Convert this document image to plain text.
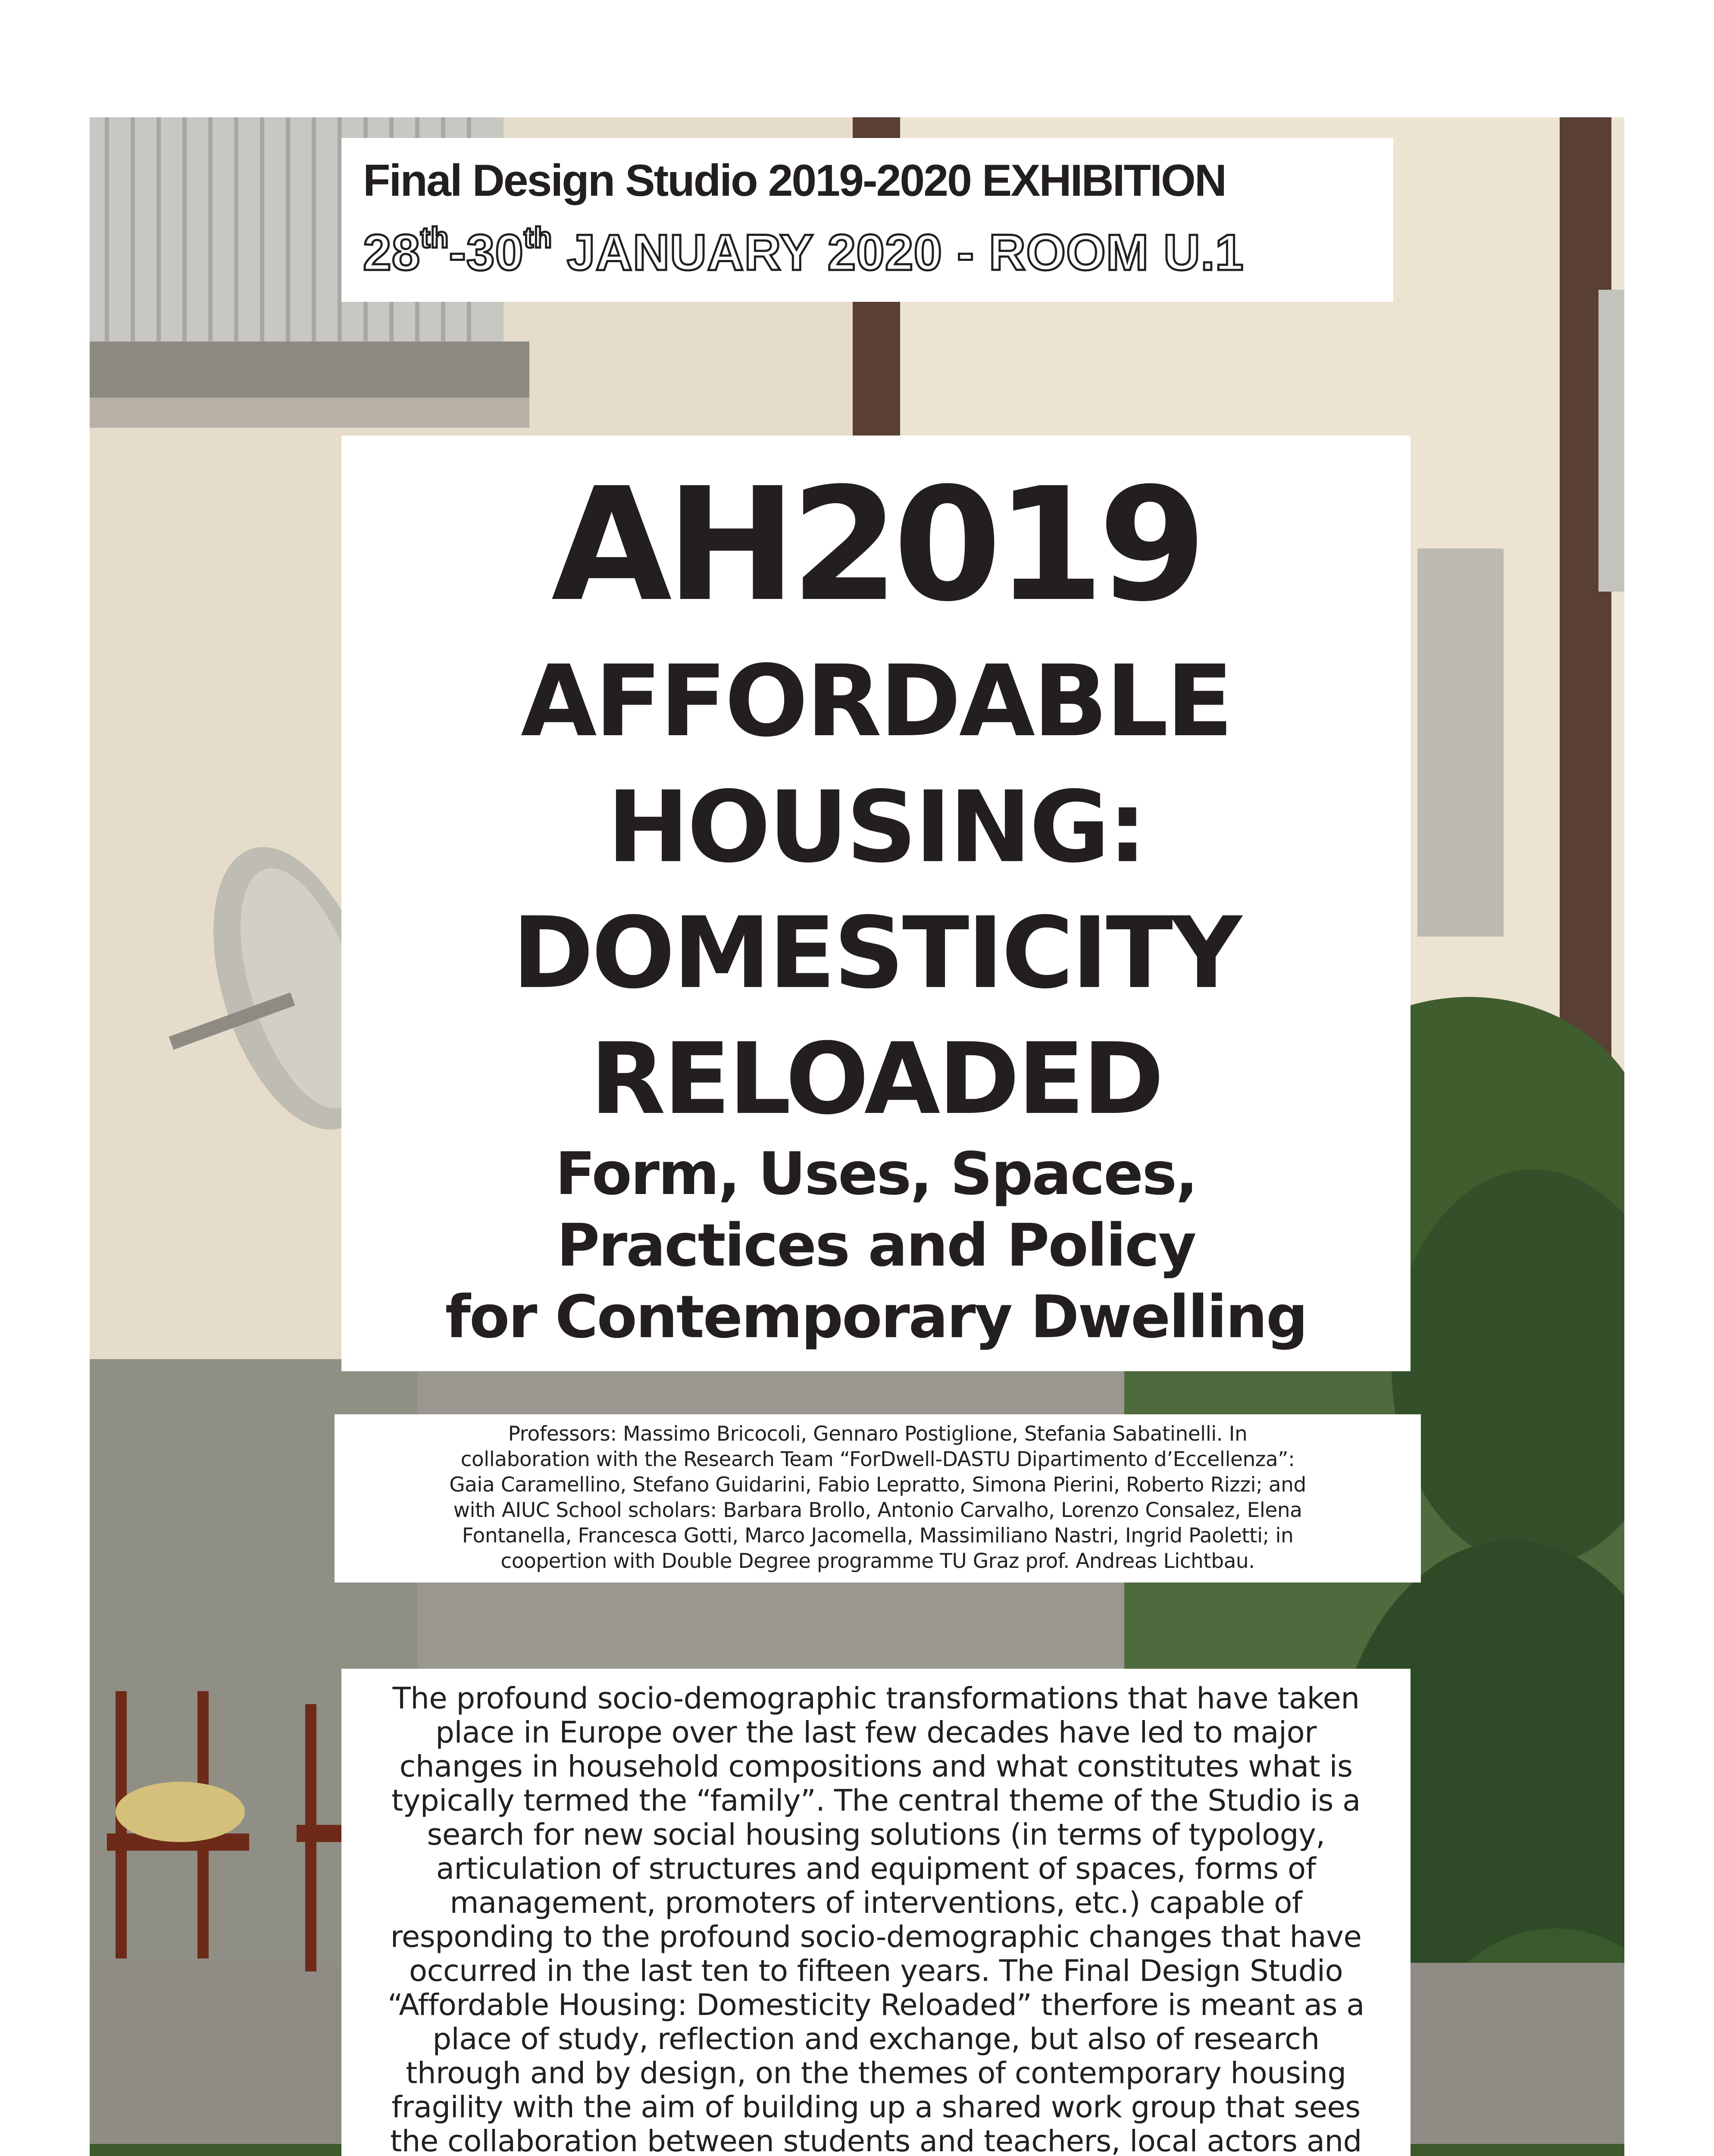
Final Design Studio 2019-2020 EXHIBITION
28th-30th JANUARY 2020 - ROOM U.1
AH2019
AFFORDABLE
HOUSING:
DOMESTICITY
RELOADED
Form, Uses, Spaces,
Practices and Policy
for Contemporary Dwelling
Professors: Massimo Bricocoli, Gennaro Postiglione, Stefania Sabatinelli. In
collaboration with the Research Team “ForDwell-DASTU Dipartimento d’Eccellenza”:
Gaia Caramellino, Stefano Guidarini, Fabio Lepratto, Simona Pierini, Roberto Rizzi; and
with AIUC School scholars: Barbara Brollo, Antonio Carvalho, Lorenzo Consalez, Elena
Fontanella, Francesca Gotti, Marco Jacomella, Massimiliano Nastri, Ingrid Paoletti; in
coopertion with Double Degree programme TU Graz prof. Andreas Lichtbau.
The profound socio-demographic transformations that have taken
place in Europe over the last few decades have led to major
changes in household compositions and what constitutes what is
typically termed the “family”. The central theme of the Studio is a
search for new social housing solutions (in terms of typology,
articulation of structures and equipment of spaces, forms of
management, promoters of interventions, etc.) capable of
responding to the profound socio-demographic changes that have
occurred in the last ten to fifteen years. The Final Design Studio
“Affordable Housing: Domesticity Reloaded” therfore is meant as a
place of study, reflection and exchange, but also of research
through and by design, on the themes of contemporary housing
fragility with the aim of building up a shared work group that sees
the collaboration between students and teachers, local actors and
